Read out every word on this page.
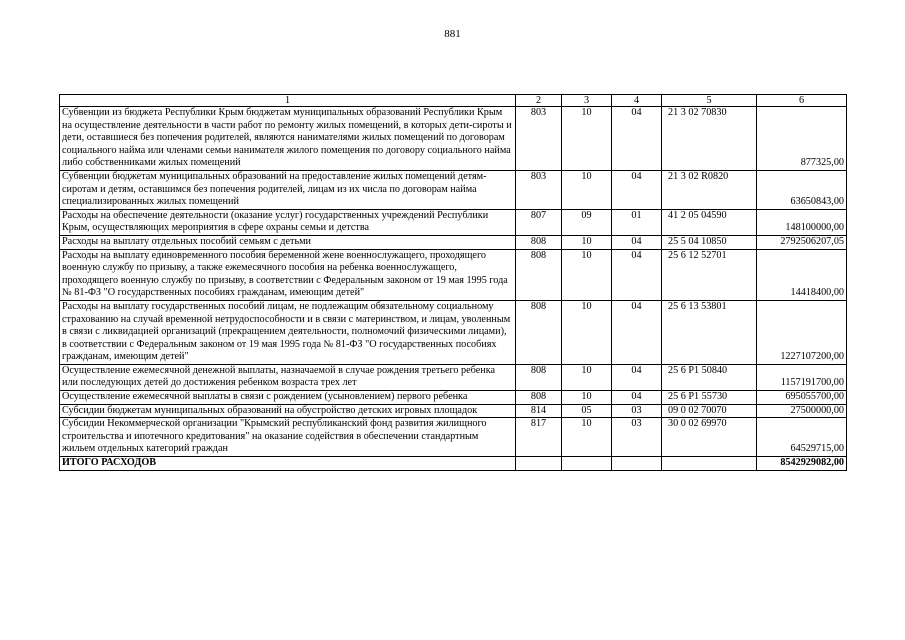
881
1	2	3	4	5	6
Субвенции из бюджета Республики Крым бюджетам муниципальных образований Республики Крым на осуществление деятельности в части работ по ремонту жилых помещений, в которых дети-сироты и дети, оставшиеся без попечения родителей, являются нанимателями жилых помещений по договорам социального найма или членами семьи нанимателя жилого помещения по договору социального найма либо собственниками жилых помещений	803	10	04	21 3 02 70830	877325,00
Субвенции бюджетам муниципальных образований на предоставление жилых помещений детям-сиротам и детям, оставшимся без попечения родителей, лицам из их числа по договорам найма специализированных жилых помещений	803	10	04	21 3 02 R0820	63650843,00
Расходы на обеспечение деятельности (оказание услуг) государственных учреждений Республики Крым, осуществляющих мероприятия в сфере охраны семьи и детства	807	09	01	41 2 05 04590	148100000,00
Расходы на выплату отдельных пособий семьям с детьми	808	10	04	25 5 04 10850	2792506207,05
Расходы на выплату единовременного пособия беременной жене военнослужащего, проходящего военную службу по призыву, а также ежемесячного пособия на ребенка военнослужащего, проходящего военную службу по призыву, в соответствии с Федеральным законом от 19 мая 1995 года № 81-ФЗ "О государственных пособиях гражданам, имеющим детей"	808	10	04	25 6 12 52701	14418400,00
Расходы на выплату государственных пособий лицам, не подлежащим обязательному социальному страхованию на случай временной нетрудоспособности и в связи с материнством, и лицам, уволенным в связи с ликвидацией организаций (прекращением деятельности, полномочий физическими лицами), в соответствии с Федеральным законом от 19 мая 1995 года № 81-ФЗ "О государственных пособиях гражданам, имеющим детей"	808	10	04	25 6 13 53801	1227107200,00
Осуществление ежемесячной денежной выплаты, назначаемой в случае рождения третьего ребенка или последующих детей до достижения ребенком возраста трех лет	808	10	04	25 6 P1 50840	1157191700,00
Осуществление ежемесячной выплаты в связи с рождением (усыновлением) первого ребенка	808	10	04	25 6 P1 55730	695055700,00
Субсидии бюджетам муниципальных образований на обустройство детских игровых площадок	814	05	03	09 0 02 70070	27500000,00
Субсидии Некоммерческой организации "Крымский республиканский фонд развития жилищного строительства и ипотечного кредитования" на оказание содействия в обеспечении стандартным жильем отдельных категорий граждан	817	10	03	30 0 02 69970	64529715,00
ИТОГО РАСХОДОВ					8542929082,00
